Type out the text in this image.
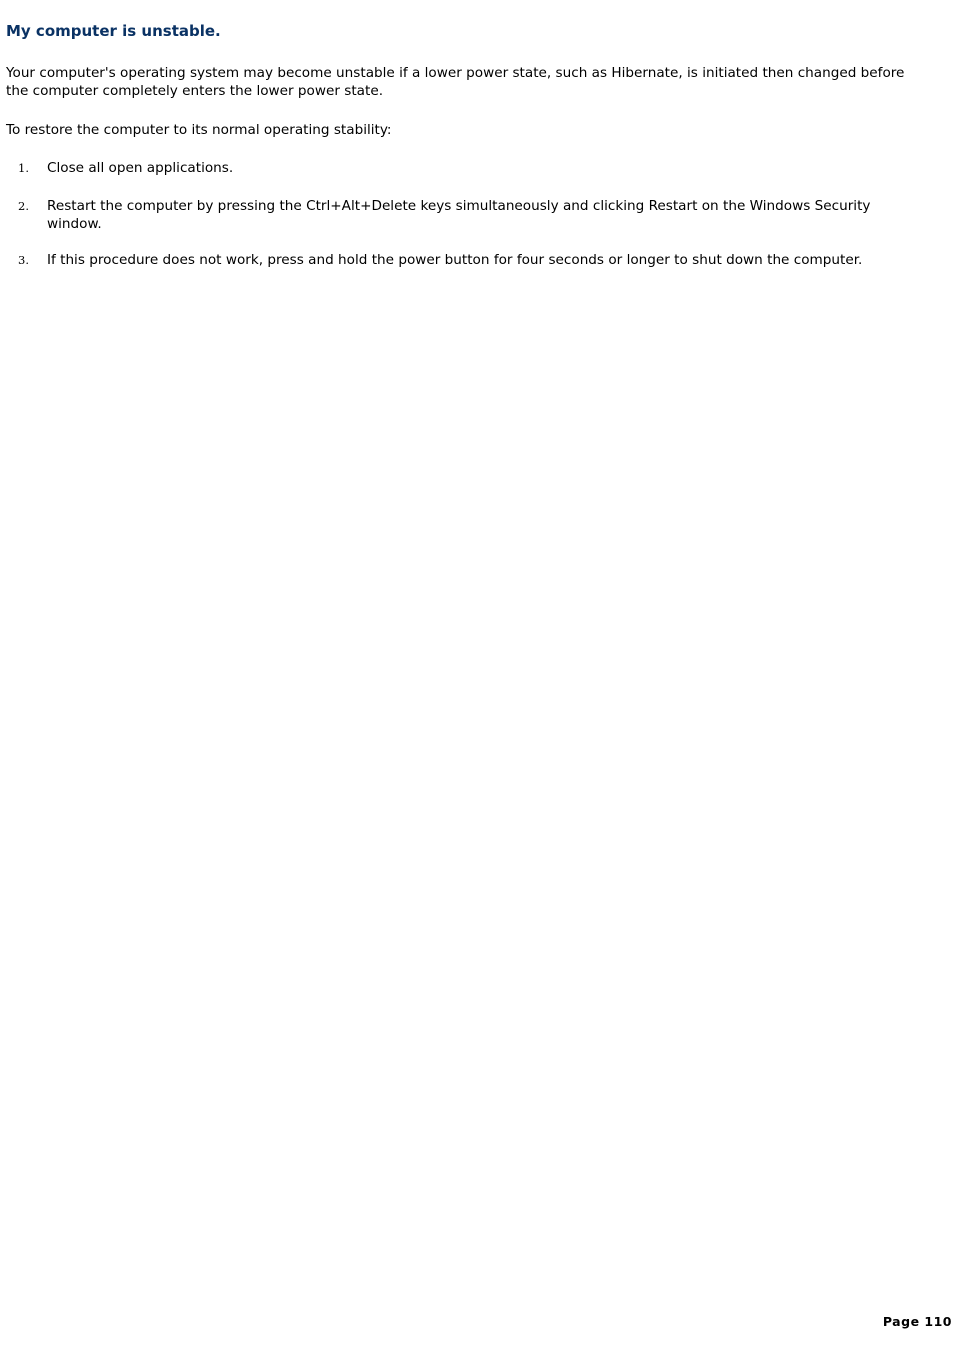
My computer is unstable.

Your computer's operating system may become unstable if a lower power state, such as Hibernate, is initiated then changed before the computer completely enters the lower power state.

To restore the computer to its normal operating stability:

1. Close all open applications.
2. Restart the computer by pressing the Ctrl+Alt+Delete keys simultaneously and clicking Restart on the Windows Security window.
3. If this procedure does not work, press and hold the power button for four seconds or longer to shut down the computer.
Page 110
